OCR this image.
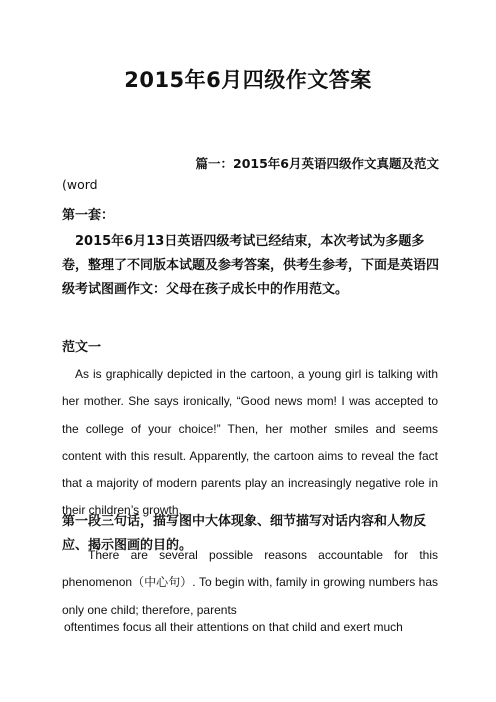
2015年6月四级作文答案
篇一：2015年6月英语四级作文真题及范文
(word
第一套：
2015年6月13日英语四级考试已经结束，本次考试为多题多卷，整理了不同版本试题及参考答案，供考生参考，下面是英语四级考试图画作文：父母在孩子成长中的作用范文。
范文一
As is graphically depicted in the cartoon, a young girl is talking with her mother. She says ironically, “Good news mom! I was accepted to the college of your choice!” Then, her mother smiles and seems content with this result. Apparently, the cartoon aims to reveal the fact that a majority of modern parents play an increasingly negative role in their children’s growth.
第一段三句话，描写图中大体现象、细节描写对话内容和人物反应、揭示图画的目的。
There are several possible reasons accountable for this phenomenon（中心句）. To begin with, family in growing numbers has only one child; therefore, parents
oftentimes focus all their attentions on that child and exert much
